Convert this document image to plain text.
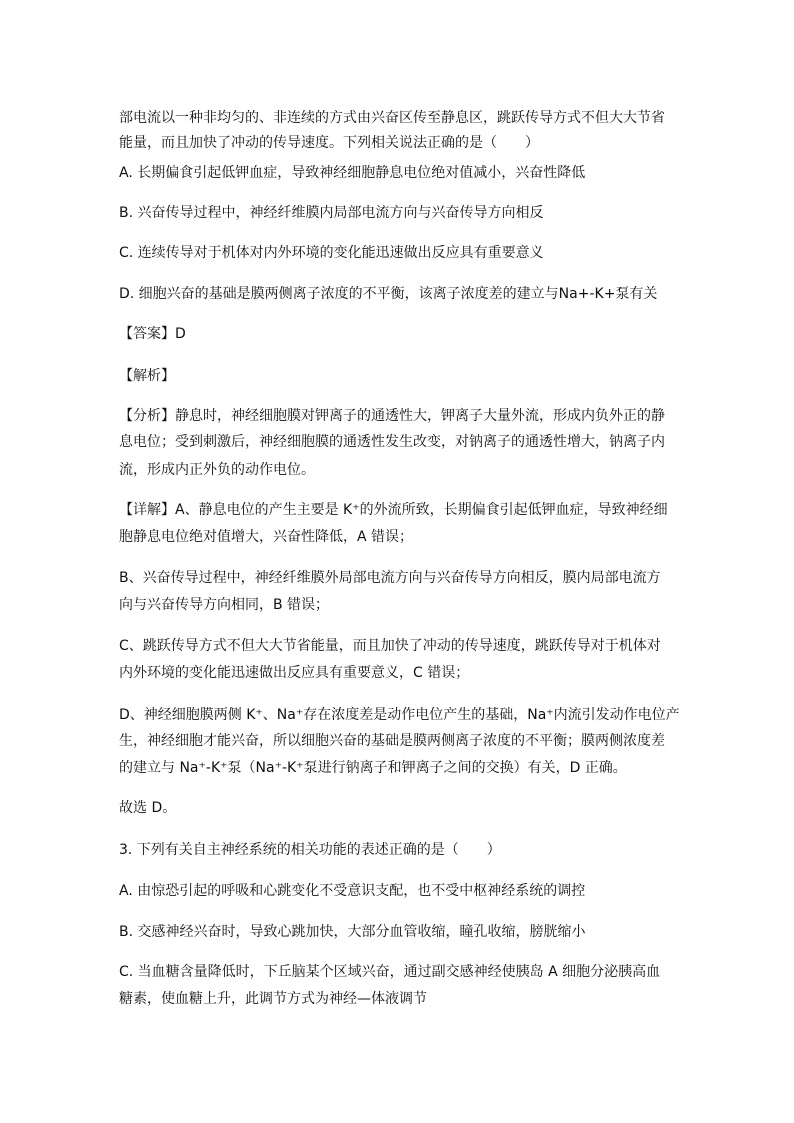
部电流以一种非均匀的、非连续的方式由兴奋区传至静息区，跳跃传导方式不但大大节省
能量，而且加快了冲动的传导速度。下列相关说法正确的是（　　）
A. 长期偏食引起低钾血症，导致神经细胞静息电位绝对值减小，兴奋性降低
B. 兴奋传导过程中，神经纤维膜内局部电流方向与兴奋传导方向相反
C. 连续传导对于机体对内外环境的变化能迅速做出反应具有重要意义
D. 细胞兴奋的基础是膜两侧离子浓度的不平衡，该离子浓度差的建立与Na+-K+泵有关
【答案】D
【解析】
【分析】静息时，神经细胞膜对钾离子的通透性大，钾离子大量外流，形成内负外正的静
息电位；受到刺激后，神经细胞膜的通透性发生改变，对钠离子的通透性增大，钠离子内
流，形成内正外负的动作电位。
【详解】A、静息电位的产生主要是 K⁺的外流所致，长期偏食引起低钾血症，导致神经细
胞静息电位绝对值增大，兴奋性降低，A 错误；
B、兴奋传导过程中，神经纤维膜外局部电流方向与兴奋传导方向相反，膜内局部电流方
向与兴奋传导方向相同，B 错误；
C、跳跃传导方式不但大大节省能量，而且加快了冲动的传导速度，跳跃传导对于机体对
内外环境的变化能迅速做出反应具有重要意义，C 错误；
D、神经细胞膜两侧 K⁺、Na⁺存在浓度差是动作电位产生的基础，Na⁺内流引发动作电位产
生，神经细胞才能兴奋，所以细胞兴奋的基础是膜两侧离子浓度的不平衡；膜两侧浓度差
的建立与 Na⁺-K⁺泵（Na⁺-K⁺泵进行钠离子和钾离子之间的交换）有关，D 正确。
故选 D。
3. 下列有关自主神经系统的相关功能的表述正确的是（　　）
A. 由惊恐引起的呼吸和心跳变化不受意识支配，也不受中枢神经系统的调控
B. 交感神经兴奋时，导致心跳加快，大部分血管收缩，瞳孔收缩，膀胱缩小
C. 当血糖含量降低时，下丘脑某个区域兴奋，通过副交感神经使胰岛 A 细胞分泌胰高血
糖素，使血糖上升，此调节方式为神经—体液调节
